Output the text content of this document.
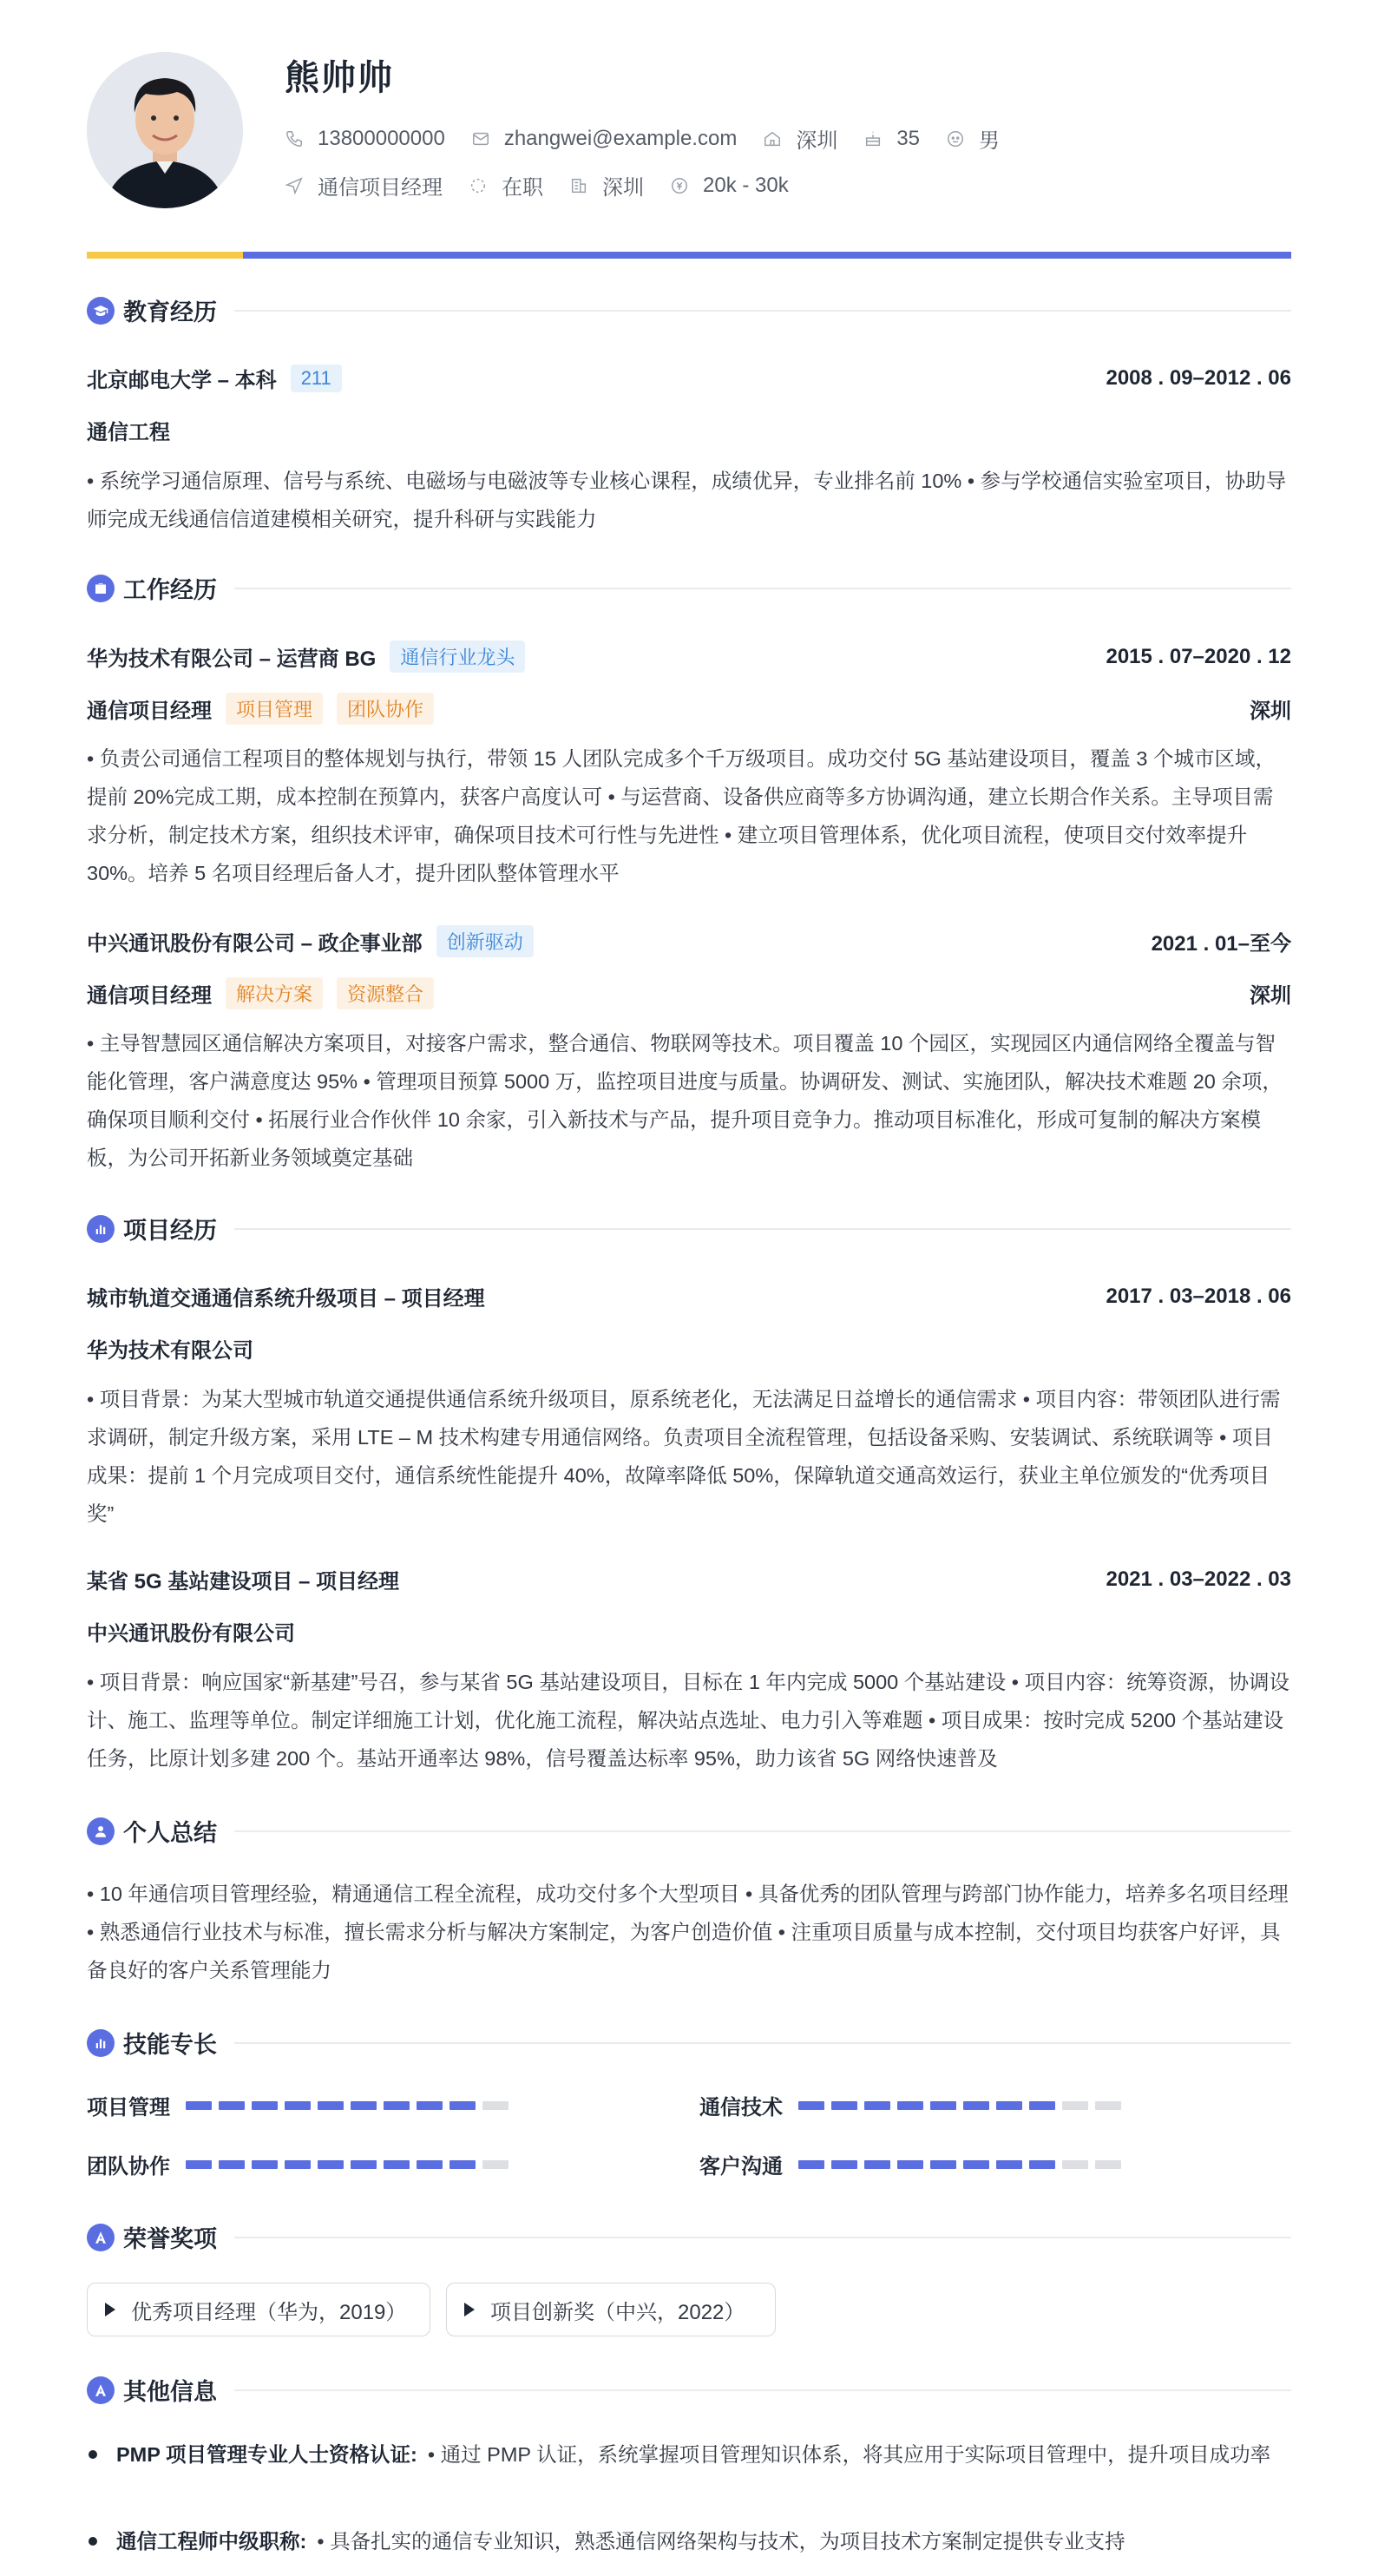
熊帅帅
13800000000	zhangwei@example.com	深圳	35	男
通信项目经理	在职	深圳	20k - 30k
教育经历
北京邮电大学 – 本科	211	2008 . 09–2012 . 06
通信工程
• 系统学习通信原理、信号与系统、电磁场与电磁波等专业核心课程，成绩优异，专业排名前 10% • 参与学校通信实验室项目，协助导师完成无线通信信道建模相关研究，提升科研与实践能力
工作经历
华为技术有限公司 – 运营商 BG	通信行业龙头	2015 . 07–2020 . 12
通信项目经理	项目管理	团队协作	深圳
• 负责公司通信工程项目的整体规划与执行，带领 15 人团队完成多个千万级项目。成功交付 5G 基站建设项目，覆盖 3 个城市区域，提前 20%完成工期，成本控制在预算内，获客户高度认可 • 与运营商、设备供应商等多方协调沟通，建立长期合作关系。主导项目需求分析，制定技术方案，组织技术评审，确保项目技术可行性与先进性 • 建立项目管理体系，优化项目流程，使项目交付效率提升 30%。培养 5 名项目经理后备人才，提升团队整体管理水平
中兴通讯股份有限公司 – 政企事业部	创新驱动	2021 . 01–至今
通信项目经理	解决方案	资源整合	深圳
• 主导智慧园区通信解决方案项目，对接客户需求，整合通信、物联网等技术。项目覆盖 10 个园区，实现园区内通信网络全覆盖与智能化管理，客户满意度达 95% • 管理项目预算 5000 万，监控项目进度与质量。协调研发、测试、实施团队，解决技术难题 20 余项，确保项目顺利交付 • 拓展行业合作伙伴 10 余家，引入新技术与产品，提升项目竞争力。推动项目标准化，形成可复制的解决方案模板，为公司开拓新业务领域奠定基础
项目经历
城市轨道交通通信系统升级项目 – 项目经理	2017 . 03–2018 . 06
华为技术有限公司
• 项目背景：为某大型城市轨道交通提供通信系统升级项目，原系统老化，无法满足日益增长的通信需求 • 项目内容：带领团队进行需求调研，制定升级方案，采用 LTE – M 技术构建专用通信网络。负责项目全流程管理，包括设备采购、安装调试、系统联调等 • 项目成果：提前 1 个月完成项目交付，通信系统性能提升 40%，故障率降低 50%，保障轨道交通高效运行，获业主单位颁发的“优秀项目奖”
某省 5G 基站建设项目 – 项目经理	2021 . 03–2022 . 03
中兴通讯股份有限公司
• 项目背景：响应国家“新基建”号召，参与某省 5G 基站建设项目，目标在 1 年内完成 5000 个基站建设 • 项目内容：统筹资源，协调设计、施工、监理等单位。制定详细施工计划，优化施工流程，解决站点选址、电力引入等难题 • 项目成果：按时完成 5200 个基站建设任务，比原计划多建 200 个。基站开通率达 98%，信号覆盖达标率 95%，助力该省 5G 网络快速普及
个人总结
• 10 年通信项目管理经验，精通通信工程全流程，成功交付多个大型项目 • 具备优秀的团队管理与跨部门协作能力，培养多名项目经理 • 熟悉通信行业技术与标准，擅长需求分析与解决方案制定，为客户创造价值 • 注重项目质量与成本控制，交付项目均获客户好评，具备良好的客户关系管理能力
技能专长
项目管理	通信技术
团队协作	客户沟通
荣誉奖项
优秀项目经理（华为，2019）	项目创新奖（中兴，2022）
其他信息
PMP 项目管理专业人士资格认证: • 通过 PMP 认证，系统掌握项目管理知识体系，将其应用于实际项目管理中，提升项目成功率
通信工程师中级职称: • 具备扎实的通信专业知识，熟悉通信网络架构与技术，为项目技术方案制定提供专业支持
